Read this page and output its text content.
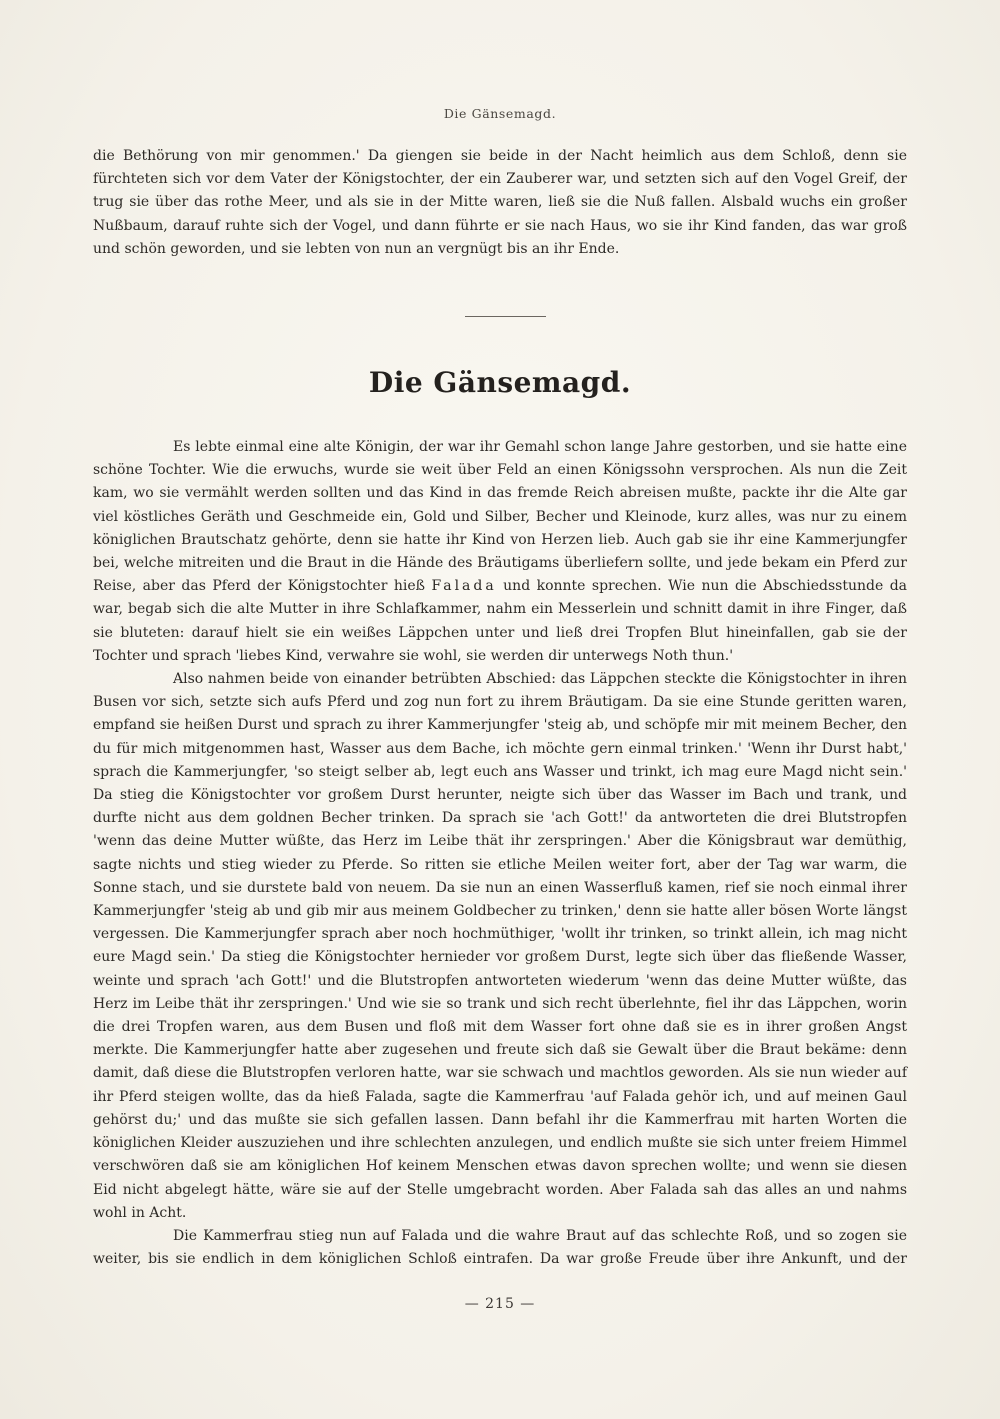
Die Gänsemagd.

die Bethörung von mir genommen.' Da giengen sie beide in der Nacht heimlich aus dem Schloß, denn sie fürchteten sich vor dem Vater der Königstochter, der ein Zauberer war, und setzten sich auf den Vogel Greif, der trug sie über das rothe Meer, und als sie in der Mitte waren, ließ sie die Nuß fallen. Alsbald wuchs ein großer Nußbaum, darauf ruhte sich der Vogel, und dann führte er sie nach Haus, wo sie ihr Kind fanden, das war groß und schön geworden, und sie lebten von nun an vergnügt bis an ihr Ende.

Die Gänsemagd.

Es lebte einmal eine alte Königin, der war ihr Gemahl schon lange Jahre gestorben, und sie hatte eine schöne Tochter. Wie die erwuchs, wurde sie weit über Feld an einen Königssohn versprochen. Als nun die Zeit kam, wo sie vermählt werden sollten und das Kind in das fremde Reich abreisen mußte, packte ihr die Alte gar viel köstliches Geräth und Geschmeide ein, Gold und Silber, Becher und Kleinode, kurz alles, was nur zu einem königlichen Brautschatz gehörte, denn sie hatte ihr Kind von Herzen lieb. Auch gab sie ihr eine Kammerjungfer bei, welche mitreiten und die Braut in die Hände des Bräutigams überliefern sollte, und jede bekam ein Pferd zur Reise, aber das Pferd der Königstochter hieß Falada und konnte sprechen. Wie nun die Abschiedsstunde da war, begab sich die alte Mutter in ihre Schlafkammer, nahm ein Messerlein und schnitt damit in ihre Finger, daß sie bluteten: darauf hielt sie ein weißes Läppchen unter und ließ drei Tropfen Blut hineinfallen, gab sie der Tochter und sprach 'liebes Kind, verwahre sie wohl, sie werden dir unterwegs Noth thun.'

Also nahmen beide von einander betrübten Abschied: das Läppchen steckte die Königstochter in ihren Busen vor sich, setzte sich aufs Pferd und zog nun fort zu ihrem Bräutigam. Da sie eine Stunde geritten waren, empfand sie heißen Durst und sprach zu ihrer Kammerjungfer 'steig ab, und schöpfe mir mit meinem Becher, den du für mich mitgenommen hast, Wasser aus dem Bache, ich möchte gern einmal trinken.' 'Wenn ihr Durst habt,' sprach die Kammerjungfer, 'so steigt selber ab, legt euch ans Wasser und trinkt, ich mag eure Magd nicht sein.' Da stieg die Königstochter vor großem Durst herunter, neigte sich über das Wasser im Bach und trank, und durfte nicht aus dem goldnen Becher trinken. Da sprach sie 'ach Gott!' da antworteten die drei Blutstropfen 'wenn das deine Mutter wüßte, das Herz im Leibe thät ihr zerspringen.' Aber die Königsbraut war demüthig, sagte nichts und stieg wieder zu Pferde. So ritten sie etliche Meilen weiter fort, aber der Tag war warm, die Sonne stach, und sie durstete bald von neuem. Da sie nun an einen Wasserfluß kamen, rief sie noch einmal ihrer Kammerjungfer 'steig ab und gib mir aus meinem Goldbecher zu trinken,' denn sie hatte aller bösen Worte längst vergessen. Die Kammerjungfer sprach aber noch hochmüthiger, 'wollt ihr trinken, so trinkt allein, ich mag nicht eure Magd sein.' Da stieg die Königstochter hernieder vor großem Durst, legte sich über das fließende Wasser, weinte und sprach 'ach Gott!' und die Blutstropfen antworteten wiederum 'wenn das deine Mutter wüßte, das Herz im Leibe thät ihr zerspringen.' Und wie sie so trank und sich recht überlehnte, fiel ihr das Läppchen, worin die drei Tropfen waren, aus dem Busen und floß mit dem Wasser fort ohne daß sie es in ihrer großen Angst merkte. Die Kammerjungfer hatte aber zugesehen und freute sich daß sie Gewalt über die Braut bekäme: denn damit, daß diese die Blutstropfen verloren hatte, war sie schwach und machtlos geworden. Als sie nun wieder auf ihr Pferd steigen wollte, das da hieß Falada, sagte die Kammerfrau 'auf Falada gehör ich, und auf meinen Gaul gehörst du;' und das mußte sie sich gefallen lassen. Dann befahl ihr die Kammerfrau mit harten Worten die königlichen Kleider auszuziehen und ihre schlechten anzulegen, und endlich mußte sie sich unter freiem Himmel verschwören daß sie am königlichen Hof keinem Menschen etwas davon sprechen wollte; und wenn sie diesen Eid nicht abgelegt hätte, wäre sie auf der Stelle umgebracht worden. Aber Falada sah das alles an und nahms wohl in Acht.

Die Kammerfrau stieg nun auf Falada und die wahre Braut auf das schlechte Roß, und so zogen sie weiter, bis sie endlich in dem königlichen Schloß eintrafen. Da war große Freude über ihre Ankunft, und der

— 215 —
